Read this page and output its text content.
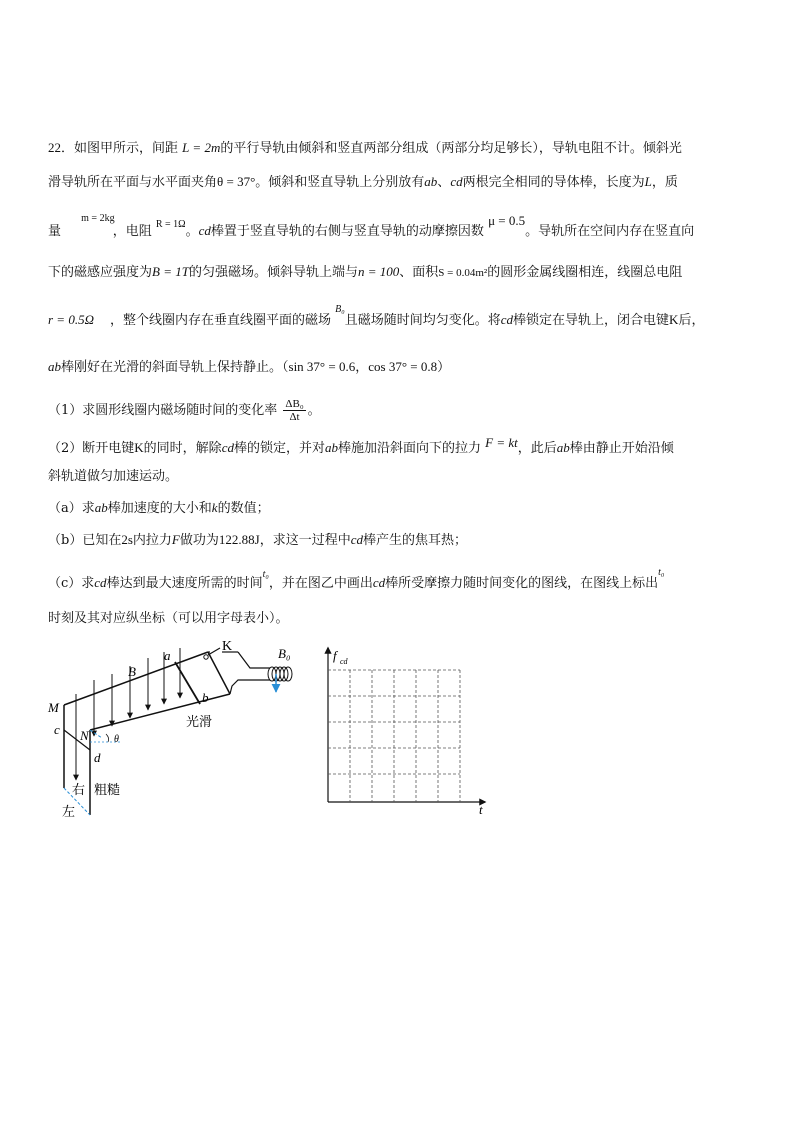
22．如图甲所示，间距 L = 2m的平行导轨由倾斜和竖直两部分组成（两部分均足够长），导轨电阻不计。倾斜光
滑导轨所在平面与水平面夹角θ = 37°。倾斜和竖直导轨上分别放有ab、cd两根完全相同的导体棒，长度为L，质
量 $^{m = 2kg}$ ，电阻 $^{R = 1\Omega}$。cd棒置于竖直导轨的右侧与竖直导轨的动摩擦因数 μ = 0.5。导轨所在空间内存在竖直向
下的磁感应强度为B = 1T的匀强磁场。倾斜导轨上端与n = 100、面积S = 0.04m²的圆形金属线圈相连，线圈总电阻
r = 0.5Ω ，整个线圈内存在垂直线圈平面的磁场 $^{B_0}$且磁场随时间均匀变化。将cd棒锁定在导轨上，闭合电键K后，
ab棒刚好在光滑的斜面导轨上保持静止。（sin 37° = 0.6，cos 37° = 0.8）
（1）求圆形线圈内磁场随时间的变化率 $\frac{\text{ΔB₀}}{\Delta t}$ 。
（2）断开电键K的同时，解除cd棒的锁定，并对ab棒施加沿斜面向下的拉力 F = kt，此后ab棒由静止开始沿倾
斜轨道做匀加速运动。
（a）求ab棒加速度的大小和k的数值；
（b）已知在2s内拉力F做功为122.88J，求这一过程中cd棒产生的焦耳热；
（c）求cd棒达到最大速度所需的时间$^{t_0}$，并在图乙中画出cd棒所受摩擦力随时间变化的图线，在图线上标出$^{t_0}$
时刻及其对应纵坐标（可以用字母表小）。
M
c N
d
B
a
b
K	B₀
θ
光滑
粗糙
右
左
f cd
t
